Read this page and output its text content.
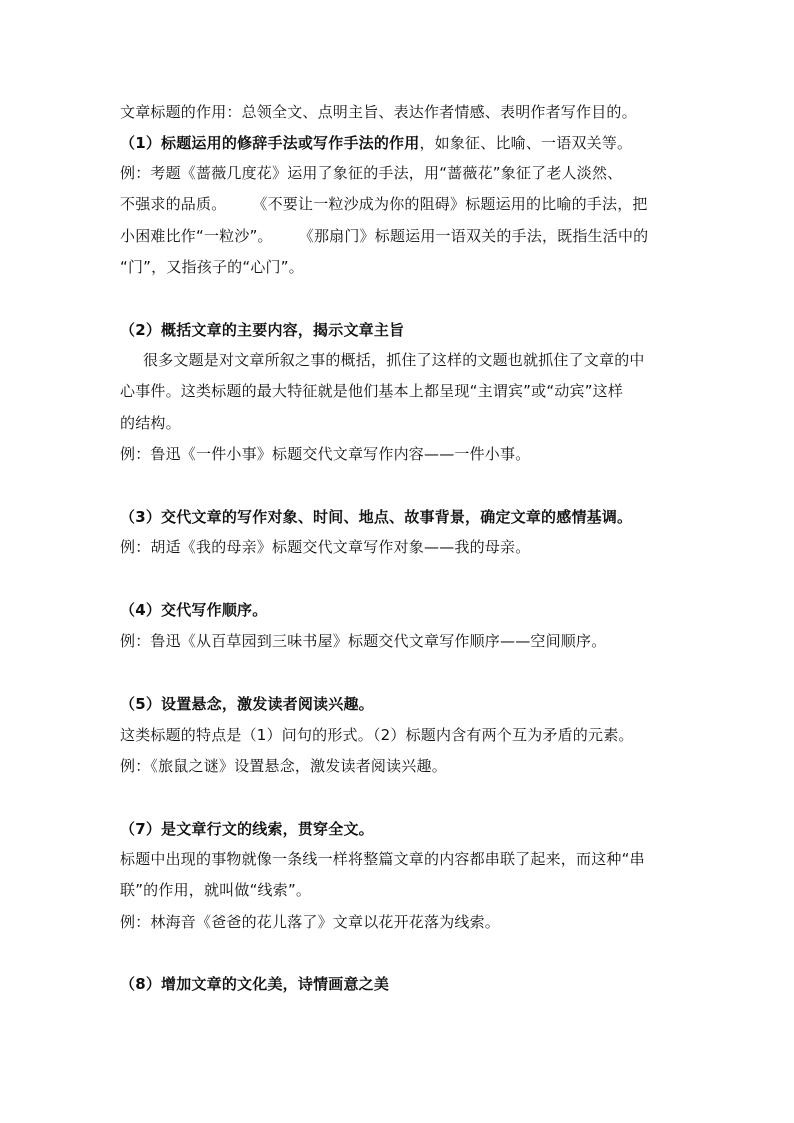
文章标题的作用：总领全文、点明主旨、表达作者情感、表明作者写作目的。
（1）标题运用的修辞手法或写作手法的作用，如象征、比喻、一语双关等。
例：考题《蔷薇几度花》运用了象征的手法，用“蔷薇花”象征了老人淡然、
不强求的品质。 《不要让一粒沙成为你的阻碍》标题运用的比喻的手法，把
小困难比作“一粒沙”。 《那扇门》标题运用一语双关的手法，既指生活中的
“门”，又指孩子的“心门”。
（2）概括文章的主要内容，揭示文章主旨
很多文题是对文章所叙之事的概括，抓住了这样的文题也就抓住了文章的中
心事件。这类标题的最大特征就是他们基本上都呈现“主谓宾”或“动宾”这样
的结构。
例：鲁迅《一件小事》标题交代文章写作内容——一件小事。
（3）交代文章的写作对象、时间、地点、故事背景，确定文章的感情基调。
例：胡适《我的母亲》标题交代文章写作对象——我的母亲。
（4）交代写作顺序。
例：鲁迅《从百草园到三味书屋》标题交代文章写作顺序——空间顺序。
（5）设置悬念，激发读者阅读兴趣。
这类标题的特点是（1）问句的形式。（2）标题内含有两个互为矛盾的元素。
例：《旅鼠之谜》设置悬念，激发读者阅读兴趣。
（7）是文章行文的线索，贯穿全文。
标题中出现的事物就像一条线一样将整篇文章的内容都串联了起来，而这种“串
联”的作用，就叫做“线索”。
例：林海音《爸爸的花儿落了》文章以花开花落为线索。
（8）增加文章的文化美，诗情画意之美
